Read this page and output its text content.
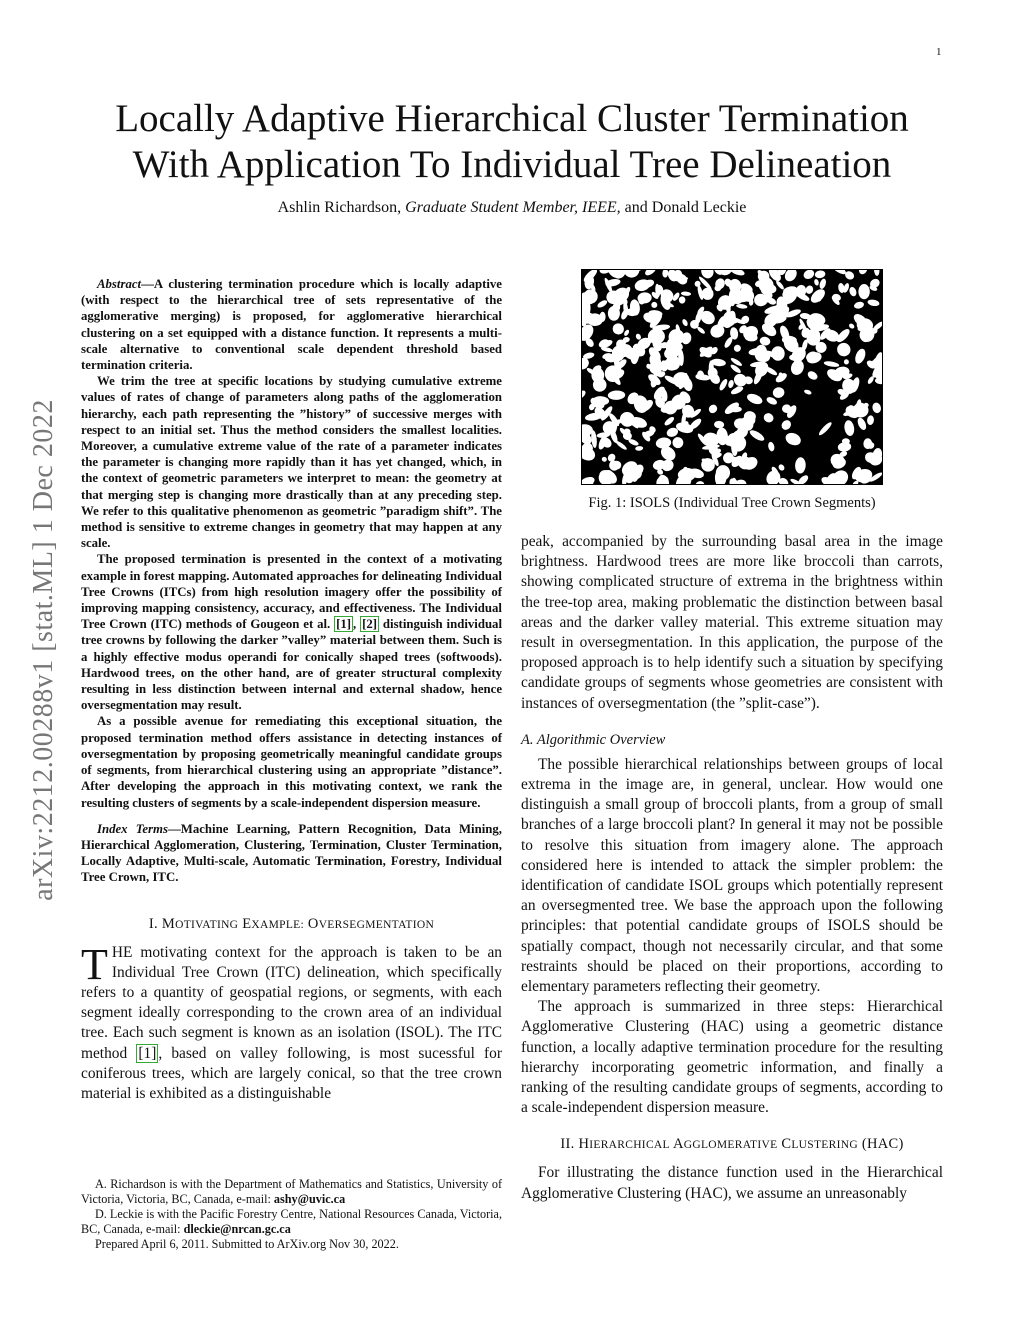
1
arXiv:2212.00288v1 [stat.ML] 1 Dec 2022
Locally Adaptive Hierarchical Cluster Termination
With Application To Individual Tree Delineation
Ashlin Richardson, Graduate Student Member, IEEE, and Donald Leckie

Abstract—A clustering termination procedure which is locally adaptive (with respect to the hierarchical tree of sets representative of the agglomerative merging) is proposed, for agglomerative hierarchical clustering on a set equipped with a distance function. It represents a multi-scale alternative to conventional scale dependent threshold based termination criteria.

We trim the tree at specific locations by studying cumulative extreme values of rates of change of parameters along paths of the agglomeration hierarchy, each path representing the ”history” of successive merges with respect to an initial set. Thus the method considers the smallest localities. Moreover, a cumulative extreme value of the rate of a parameter indicates the parameter is changing more rapidly than it has yet changed, which, in the context of geometric parameters we interpret to mean: the geometry at that merging step is changing more drastically than at any preceding step. We refer to this qualitative phenomenon as geometric ”paradigm shift”. The method is sensitive to extreme changes in geometry that may happen at any scale.

The proposed termination is presented in the context of a motivating example in forest mapping. Automated approaches for delineating Individual Tree Crowns (ITCs) from high resolution imagery offer the possibility of improving mapping consistency, accuracy, and effectiveness. The Individual Tree Crown (ITC) methods of Gougeon et al. [1] , [2] distinguish individual tree crowns by following the darker ”valley” material between them. Such is a highly effective modus operandi for conically shaped trees (softwoods). Hardwood trees, on the other hand, are of greater structural complexity resulting in less distinction between internal and external shadow, hence oversegmentation may result.

As a possible avenue for remediating this exceptional situation, the proposed termination method offers assistance in detecting instances of oversegmentation by proposing geometrically meaningful candidate groups of segments, from hierarchical clustering using an appropriate ”distance”. After developing the approach in this motivating context, we rank the resulting clusters of segments by a scale-independent dispersion measure.

Index Terms—Machine Learning, Pattern Recognition, Data Mining, Hierarchical Agglomeration, Clustering, Termination, Cluster Termination, Locally Adaptive, Multi-scale, Automatic Termination, Forestry, Individual Tree Crown, ITC.

I. MOTIVATING EXAMPLE: OVERSEGMENTATION

THE motivating context for the approach is taken to be an Individual Tree Crown (ITC) delineation, which specifically refers to a quantity of geospatial regions, or segments, with each segment ideally corresponding to the crown area of an individual tree. Each such segment is known as an isolation (ISOL). The ITC method [1] , based on valley following, is most sucessful for coniferous trees, which are largely conical, so that the tree crown material is exhibited as a distinguishable

A. Richardson is with the Department of Mathematics and Statistics, University of Victoria, Victoria, BC, Canada, e-mail: ashy@uvic.ca

D. Leckie is with the Pacific Forestry Centre, National Resources Canada, Victoria, BC, Canada, e-mail: dleckie@nrcan.gc.ca

Prepared April 6, 2011. Submitted to ArXiv.org Nov 30, 2022.

Fig. 1: ISOLS (Individual Tree Crown Segments)

peak, accompanied by the surrounding basal area in the image brightness. Hardwood trees are more like broccoli than carrots, showing complicated structure of extrema in the brightness within the tree-top area, making problematic the distinction between basal areas and the darker valley material. This extreme situation may result in oversegmentation. In this application, the purpose of the proposed approach is to help identify such a situation by specifying candidate groups of segments whose geometries are consistent with instances of oversegmentation (the ”split-case”).

A. Algorithmic Overview

The possible hierarchical relationships between groups of local extrema in the image are, in general, unclear. How would one distinguish a small group of broccoli plants, from a group of small branches of a large broccoli plant? In general it may not be possible to resolve this situation from imagery alone. The approach considered here is intended to attack the simpler problem: the identification of candidate ISOL groups which potentially represent an oversegmented tree. We base the approach upon the following principles: that potential candidate groups of ISOLS should be spatially compact, though not necessarily circular, and that some restraints should be placed on their proportions, according to elementary parameters reflecting their geometry.

The approach is summarized in three steps: Hierarchical Agglomerative Clustering (HAC) using a geometric distance function, a locally adaptive termination procedure for the resulting hierarchy incorporating geometric information, and finally a ranking of the resulting candidate groups of segments, according to a scale-independent dispersion measure.

II. HIERARCHICAL AGGLOMERATIVE CLUSTERING (HAC)

For illustrating the distance function used in the Hierarchical Agglomerative Clustering (HAC), we assume an unreasonably
